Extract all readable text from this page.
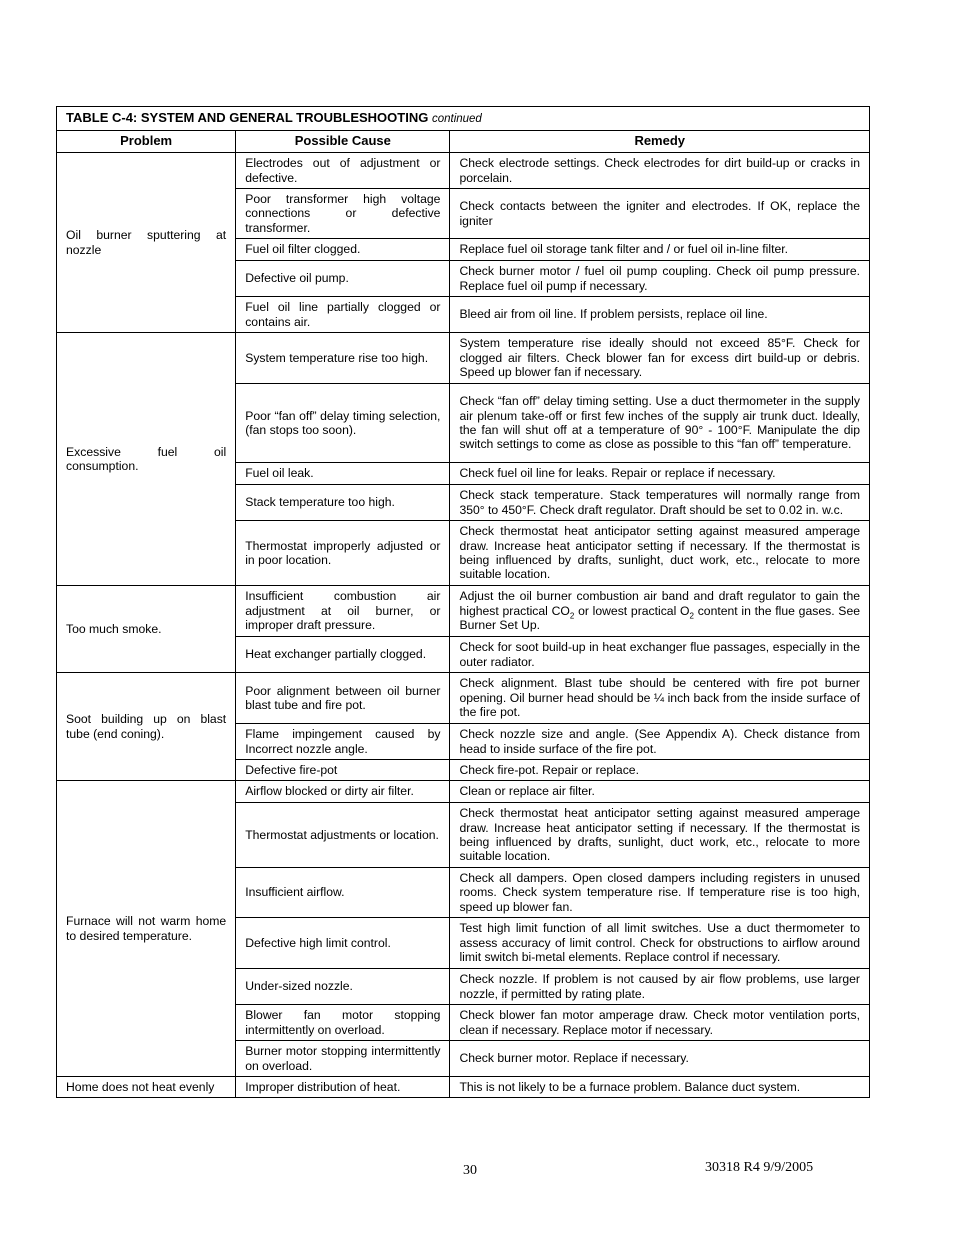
TABLE C-4: SYSTEM AND GENERAL TROUBLESHOOTING continued		
Problem	Possible Cause	Remedy
Oil burner sputtering at nozzle	Electrodes out of adjustment or defective.	Check electrode settings. Check electrodes for dirt build-up or cracks in porcelain.
	Poor transformer high voltage connections or defective transformer.	Check contacts between the igniter and electrodes. If OK, replace the igniter
	Fuel oil filter clogged.	Replace fuel oil storage tank filter and / or fuel oil in-line filter.
	Defective oil pump.	Check burner motor / fuel oil pump coupling. Check oil pump pressure. Replace fuel oil pump if necessary.
	Fuel oil line partially clogged or contains air.	Bleed air from oil line. If problem persists, replace oil line.
Excessive fuel oil consumption.	System temperature rise too high.	System temperature rise ideally should not exceed 85°F. Check for clogged air filters. Check blower fan for excess dirt build-up or debris. Speed up blower fan if necessary.
	Poor “fan off” delay timing selection, (fan stops too soon).	Check “fan off” delay timing setting. Use a duct thermometer in the supply air plenum take-off or first few inches of the supply air trunk duct. Ideally, the fan will shut off at a temperature of 90° - 100°F. Manipulate the dip switch settings to come as close as possible to this “fan off” temperature.
	Fuel oil leak.	Check fuel oil line for leaks. Repair or replace if necessary.
	Stack temperature too high.	Check stack temperature. Stack temperatures will normally range from 350° to 450°F. Check draft regulator. Draft should be set to 0.02 in. w.c.
	Thermostat improperly adjusted or in poor location.	Check thermostat heat anticipator setting against measured amperage draw. Increase heat anticipator setting if necessary. If the thermostat is being influenced by drafts, sunlight, duct work, etc., relocate to more suitable location.
Too much smoke.	Insufficient combustion air adjustment at oil burner, or improper draft pressure.	Adjust the oil burner combustion air band and draft regulator to gain the highest practical $CO_2$ or lowest practical $O_2$ content in the flue gases. See Burner Set Up.
	Heat exchanger partially clogged.	Check for soot build-up in heat exchanger flue passages, especially in the outer radiator.
Soot building up on blast tube (end coning).	Poor alignment between oil burner blast tube and fire pot.	Check alignment. Blast tube should be centered with fire pot burner opening. Oil burner head should be ¼ inch back from the inside surface of the fire pot.
	Flame impingement caused by Incorrect nozzle angle.	Check nozzle size and angle. (See Appendix A). Check distance from head to inside surface of the fire pot.
	Defective fire-pot	Check fire-pot. Repair or replace.
Furnace will not warm home to desired temperature.	Airflow blocked or dirty air filter.	Clean or replace air filter.
	Thermostat adjustments or location.	Check thermostat heat anticipator setting against measured amperage draw. Increase heat anticipator setting if necessary. If the thermostat is being influenced by drafts, sunlight, duct work, etc., relocate to more suitable location.
	Insufficient airflow.	Check all dampers. Open closed dampers including registers in unused rooms. Check system temperature rise. If temperature rise is too high, speed up blower fan.
	Defective high limit control.	Test high limit function of all limit switches. Use a duct thermometer to assess accuracy of limit control. Check for obstructions to airflow around limit switch bi-metal elements. Replace control if necessary.
	Under-sized nozzle.	Check nozzle. If problem is not caused by air flow problems, use larger nozzle, if permitted by rating plate.
	Blower fan motor stopping intermittently on overload.	Check blower fan motor amperage draw. Check motor ventilation ports, clean if necessary. Replace motor if necessary.
	Burner motor stopping intermittently on overload.	Check burner motor. Replace if necessary.
Home does not heat evenly	Improper distribution of heat.	This is not likely to be a furnace problem. Balance duct system.
30	30318 R4 9/9/2005
